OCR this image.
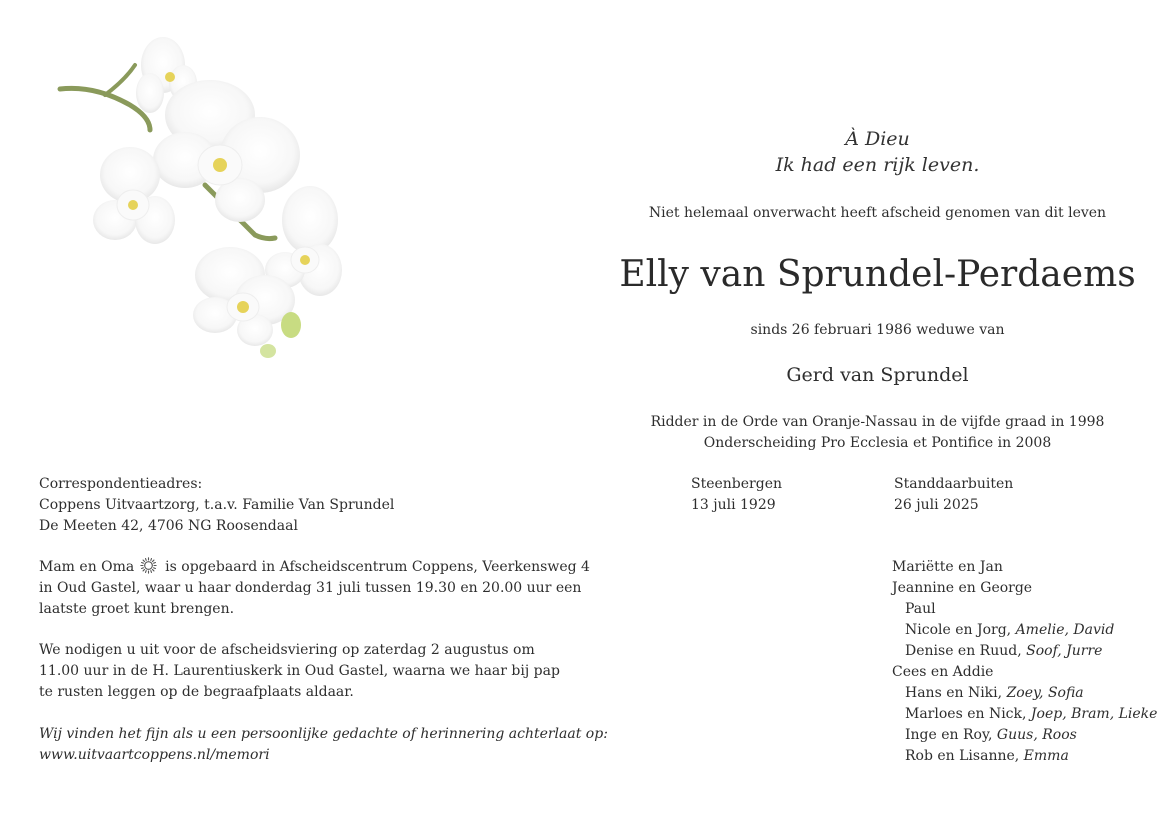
À Dieu
Ik had een rijk leven.
Niet helemaal onverwacht heeft afscheid genomen van dit leven
Elly van Sprundel-Perdaems
sinds 26 februari 1986 weduwe van
Gerd van Sprundel
Ridder in de Orde van Oranje-Nassau in de vijfde graad in 1998
Onderscheiding Pro Ecclesia et Pontifice in 2008
Steenbergen
13 juli 1929
Standdaarbuiten
26 juli 2025
Correspondentieadres:
Coppens Uitvaartzorg, t.a.v. Familie Van Sprundel
De Meeten 42, 4706 NG Roosendaal
Mam en Oma is opgebaard in Afscheidscentrum Coppens, Veerkensweg 4
in Oud Gastel, waar u haar donderdag 31 juli tussen 19.30 en 20.00 uur een
laatste groet kunt brengen.
We nodigen u uit voor de afscheidsviering op zaterdag 2 augustus om
11.00 uur in de H. Laurentiuskerk in Oud Gastel, waarna we haar bij pap
te rusten leggen op de begraafplaats aldaar.
Wij vinden het fijn als u een persoonlijke gedachte of herinnering achterlaat op:
www.uitvaartcoppens.nl/memori
Mariëtte en Jan
Jeannine en George
Paul
Nicole en Jorg, Amelie, David
Denise en Ruud, Soof, Jurre
Cees en Addie
Hans en Niki, Zoey, Sofia
Marloes en Nick, Joep, Bram, Lieke
Inge en Roy, Guus, Roos
Rob en Lisanne, Emma
